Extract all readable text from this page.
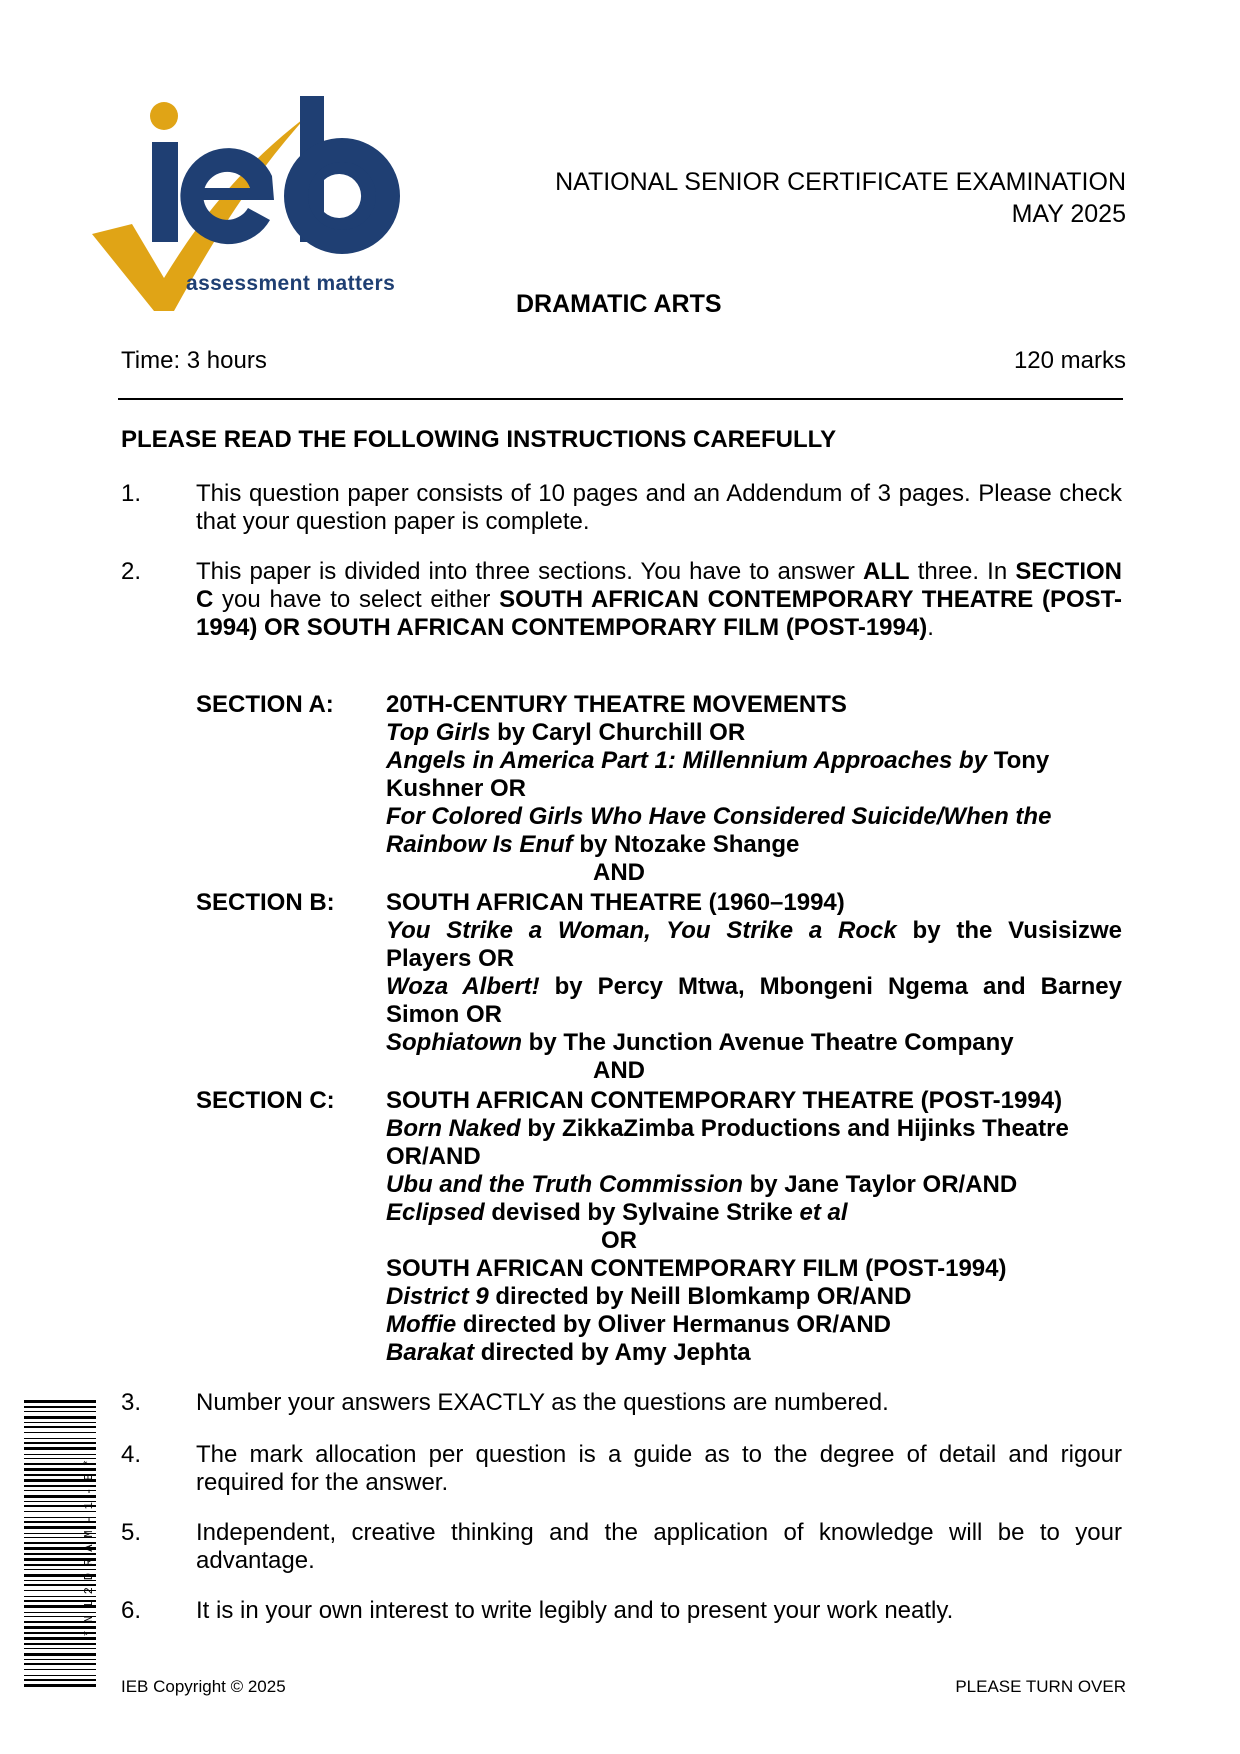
assessment matters
NATIONAL SENIOR CERTIFICATE EXAMINATION
MAY 2025
DRAMATIC ARTS
Time: 3 hours	120 marks
PLEASE READ THE FOLLOWING INSTRUCTIONS CAREFULLY
1. This question paper consists of 10 pages and an Addendum of 3 pages. Please check that your question paper is complete.
2. This paper is divided into three sections. You have to answer ALL three. In SECTION C you have to select either SOUTH AFRICAN CONTEMPORARY THEATRE (POST-1994) OR SOUTH AFRICAN CONTEMPORARY FILM (POST-1994).
SECTION A: 20TH-CENTURY THEATRE MOVEMENTS
Top Girls by Caryl Churchill OR
Angels in America Part 1: Millennium Approaches by Tony Kushner OR
For Colored Girls Who Have Considered Suicide/When the Rainbow Is Enuf by Ntozake Shange
AND
SECTION B: SOUTH AFRICAN THEATRE (1960–1994)
You Strike a Woman, You Strike a Rock by the Vusisizwe Players OR
Woza Albert! by Percy Mtwa, Mbongeni Ngema and Barney Simon OR
Sophiatown by The Junction Avenue Theatre Company
AND
SECTION C: SOUTH AFRICAN CONTEMPORARY THEATRE (POST-1994)
Born Naked by ZikkaZimba Productions and Hijinks Theatre OR/AND
Ubu and the Truth Commission by Jane Taylor OR/AND
Eclipsed devised by Sylvaine Strike et al
OR
SOUTH AFRICAN CONTEMPORARY FILM (POST-1994)
District 9 directed by Neill Blomkamp OR/AND
Moffie directed by Oliver Hermanus OR/AND
Barakat directed by Amy Jephta
3. Number your answers EXACTLY as the questions are numbered.
4. The mark allocation per question is a guide as to the degree of detail and rigour required for the answer.
5. Independent, creative thinking and the application of knowledge will be to your advantage.
6. It is in your own interest to write legibly and to present your work neatly.
*N12DRAM-1-E*
IEB Copyright © 2025	PLEASE TURN OVER
